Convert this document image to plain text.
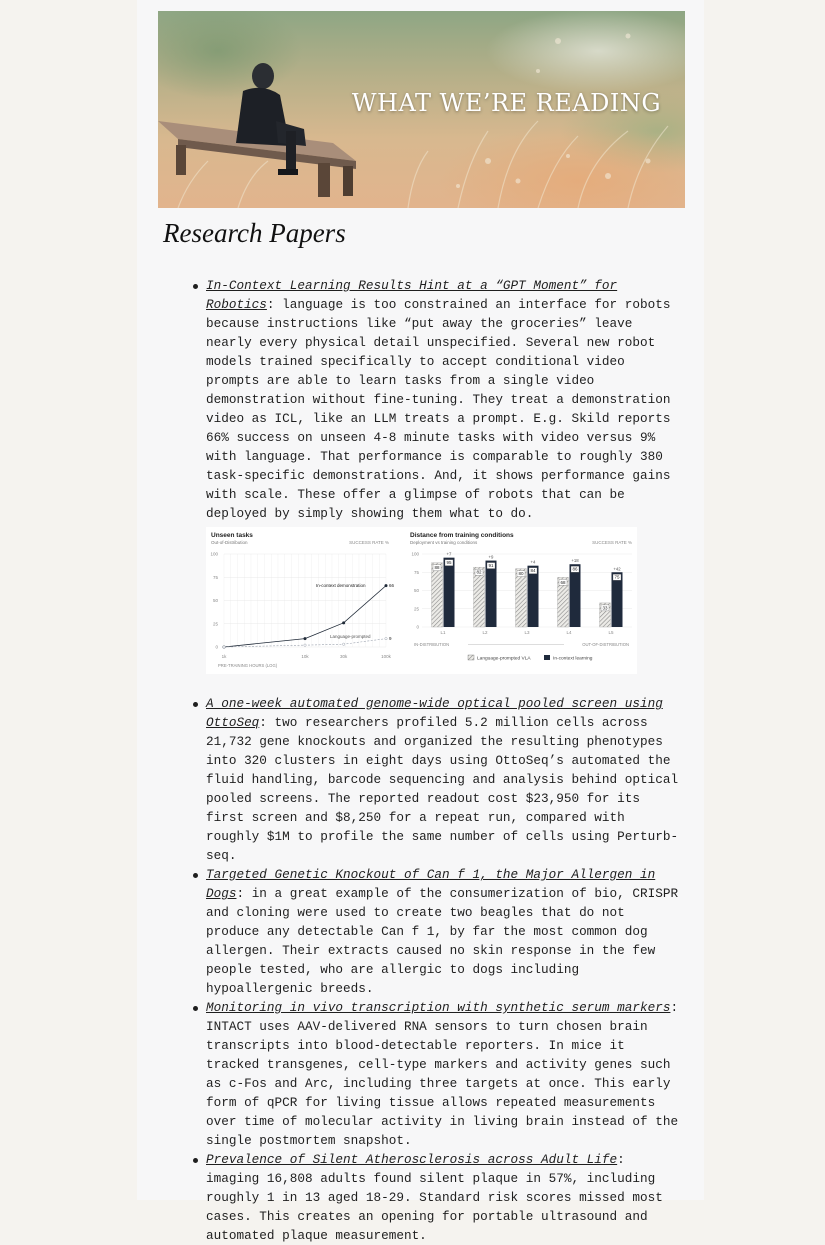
WHAT WE’RE READING
Research Papers
In-Context Learning Results Hint at a “GPT Moment” for Robotics: language is too constrained an interface for robots because instructions like “put away the groceries” leave nearly every physical detail unspecified. Several new robot models trained specifically to accept conditional video prompts are able to learn tasks from a single video demonstration without fine-tuning. They treat a demonstration video as ICL, like an LLM treats a prompt. E.g. Skild reports 66% success on unseen 4-8 minute tasks with video versus 9% with language. That performance is comparable to roughly 380 task-specific demonstrations. And, it shows performance gains with scale. These offer a glimpse of robots that can be deployed by simply showing them what to do.
Unseen tasks
Out-of-Distribution	SUCCESS RATE %
0
25
50
75
100
1k	10k	30k	100k
66
In-context demonstration
9
Language-prompted
PRE-TRAINING HOURS (LOG)
Distance from training conditions
Deployment vs training conditions	SUCCESS RATE %
0
25
50
75
100
88
95
+7
L1
82
91
+9
L2
80
84
+4
L3
68
86
+18
L4
33
75
+42
L5
IN-DISTRIBUTION	OUT-OF-DISTRIBUTION
Language-prompted VLA	In-context learning
A one-week automated genome-wide optical pooled screen using OttoSeq: two researchers profiled 5.2 million cells across 21,732 gene knockouts and organized the resulting phenotypes into 320 clusters in eight days using OttoSeq’s automated the fluid handling, barcode sequencing and analysis behind optical pooled screens. The reported readout cost $23,950 for its first screen and $8,250 for a repeat run, compared with roughly $1M to profile the same number of cells using Perturb-seq.
Targeted Genetic Knockout of Can f 1, the Major Allergen in Dogs: in a great example of the consumerization of bio, CRISPR and cloning were used to create two beagles that do not produce any detectable Can f 1, by far the most common dog allergen. Their extracts caused no skin response in the few people tested, who are allergic to dogs including hypoallergenic breeds.
Monitoring in vivo transcription with synthetic serum markers: INTACT uses AAV-delivered RNA sensors to turn chosen brain transcripts into blood-detectable reporters. In mice it tracked transgenes, cell-type markers and activity genes such as c-Fos and Arc, including three targets at once. This early form of qPCR for living tissue allows repeated measurements over time of molecular activity in living brain instead of the single postmortem snapshot.
Prevalence of Silent Atherosclerosis across Adult Life: imaging 16,808 adults found silent plaque in 57%, including roughly 1 in 13 aged 18-29. Standard risk scores missed most cases. This creates an opening for portable ultrasound and automated plaque measurement.
